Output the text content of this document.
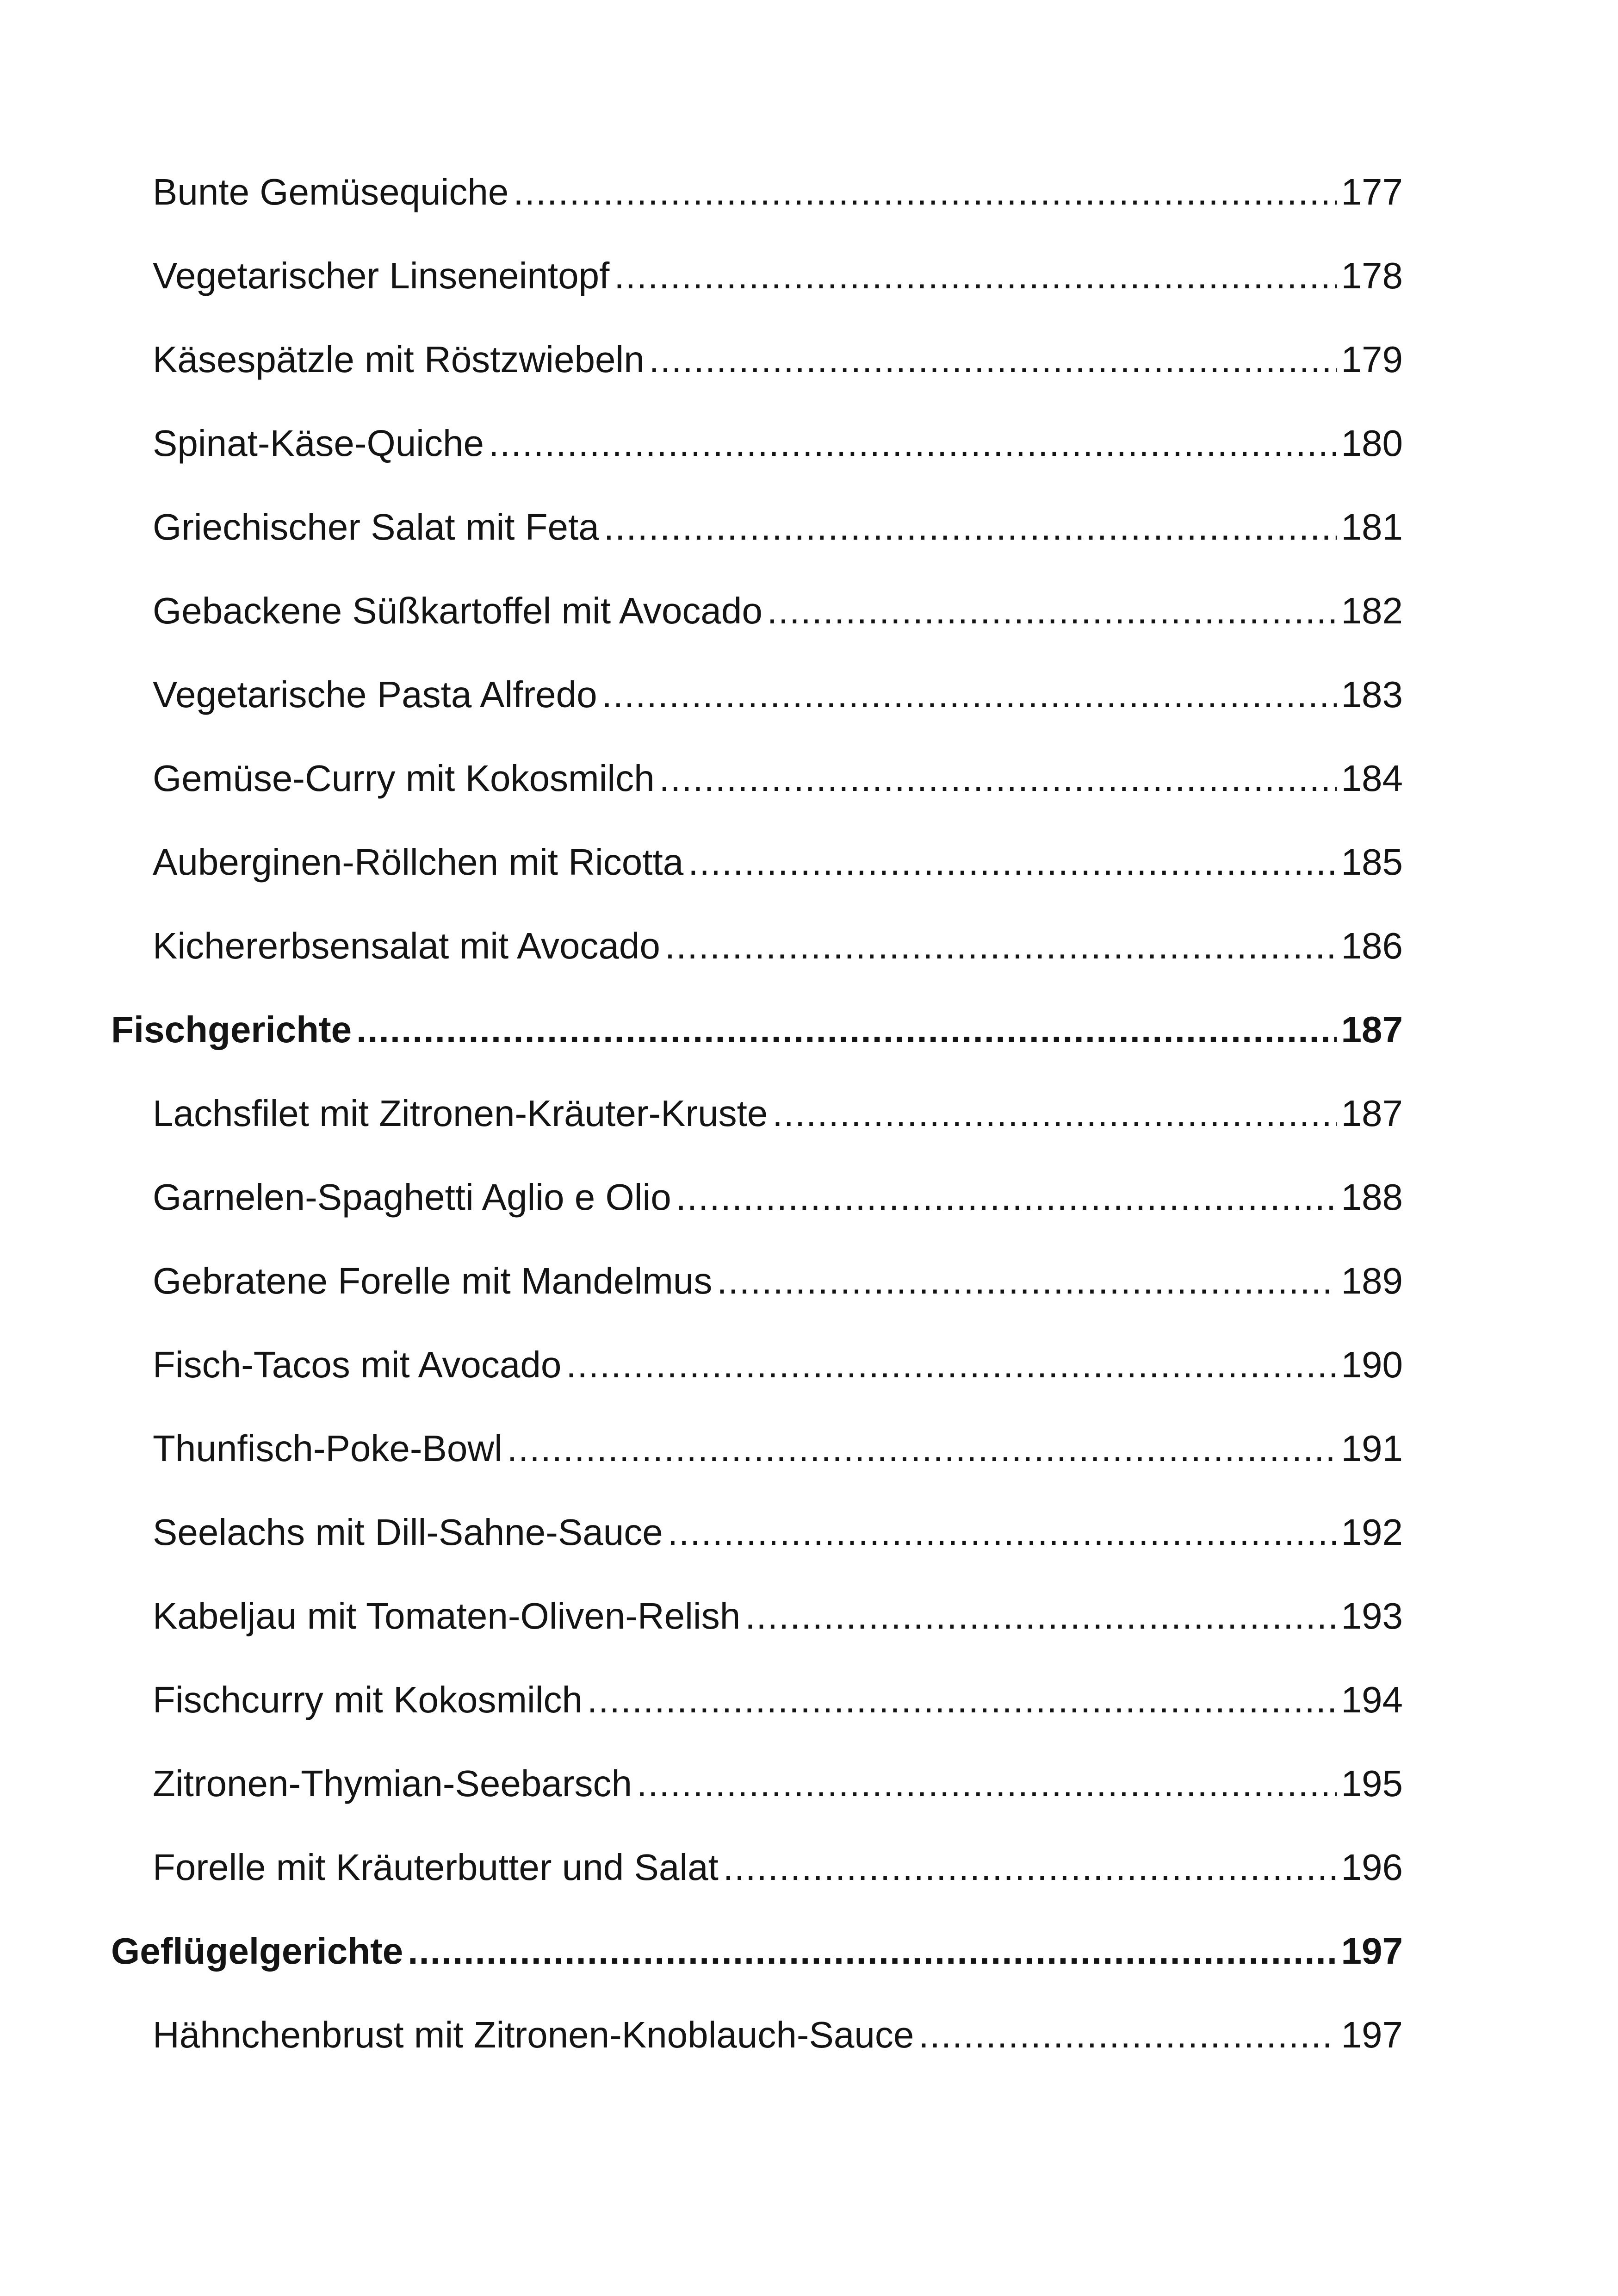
Bunte Gemüsequiche .....	177
Vegetarischer Linseneintopf .....	178
Käsespätzle mit Röstzwiebeln .....	179
Spinat-Käse-Quiche .....	180
Griechischer Salat mit Feta .....	181
Gebackene Süßkartoffel mit Avocado .....	182
Vegetarische Pasta Alfredo .....	183
Gemüse-Curry mit Kokosmilch .....	184
Auberginen-Röllchen mit Ricotta .....	185
Kichererbsensalat mit Avocado .....	186
Fischgerichte .....	187
Lachsfilet mit Zitronen-Kräuter-Kruste .....	187
Garnelen-Spaghetti Aglio e Olio .....	188
Gebratene Forelle mit Mandelmus .....	189
Fisch-Tacos mit Avocado .....	190
Thunfisch-Poke-Bowl .....	191
Seelachs mit Dill-Sahne-Sauce .....	192
Kabeljau mit Tomaten-Oliven-Relish .....	193
Fischcurry mit Kokosmilch .....	194
Zitronen-Thymian-Seebarsch .....	195
Forelle mit Kräuterbutter und Salat .....	196
Geflügelgerichte .....	197
Hähnchenbrust mit Zitronen-Knoblauch-Sauce .....	197
